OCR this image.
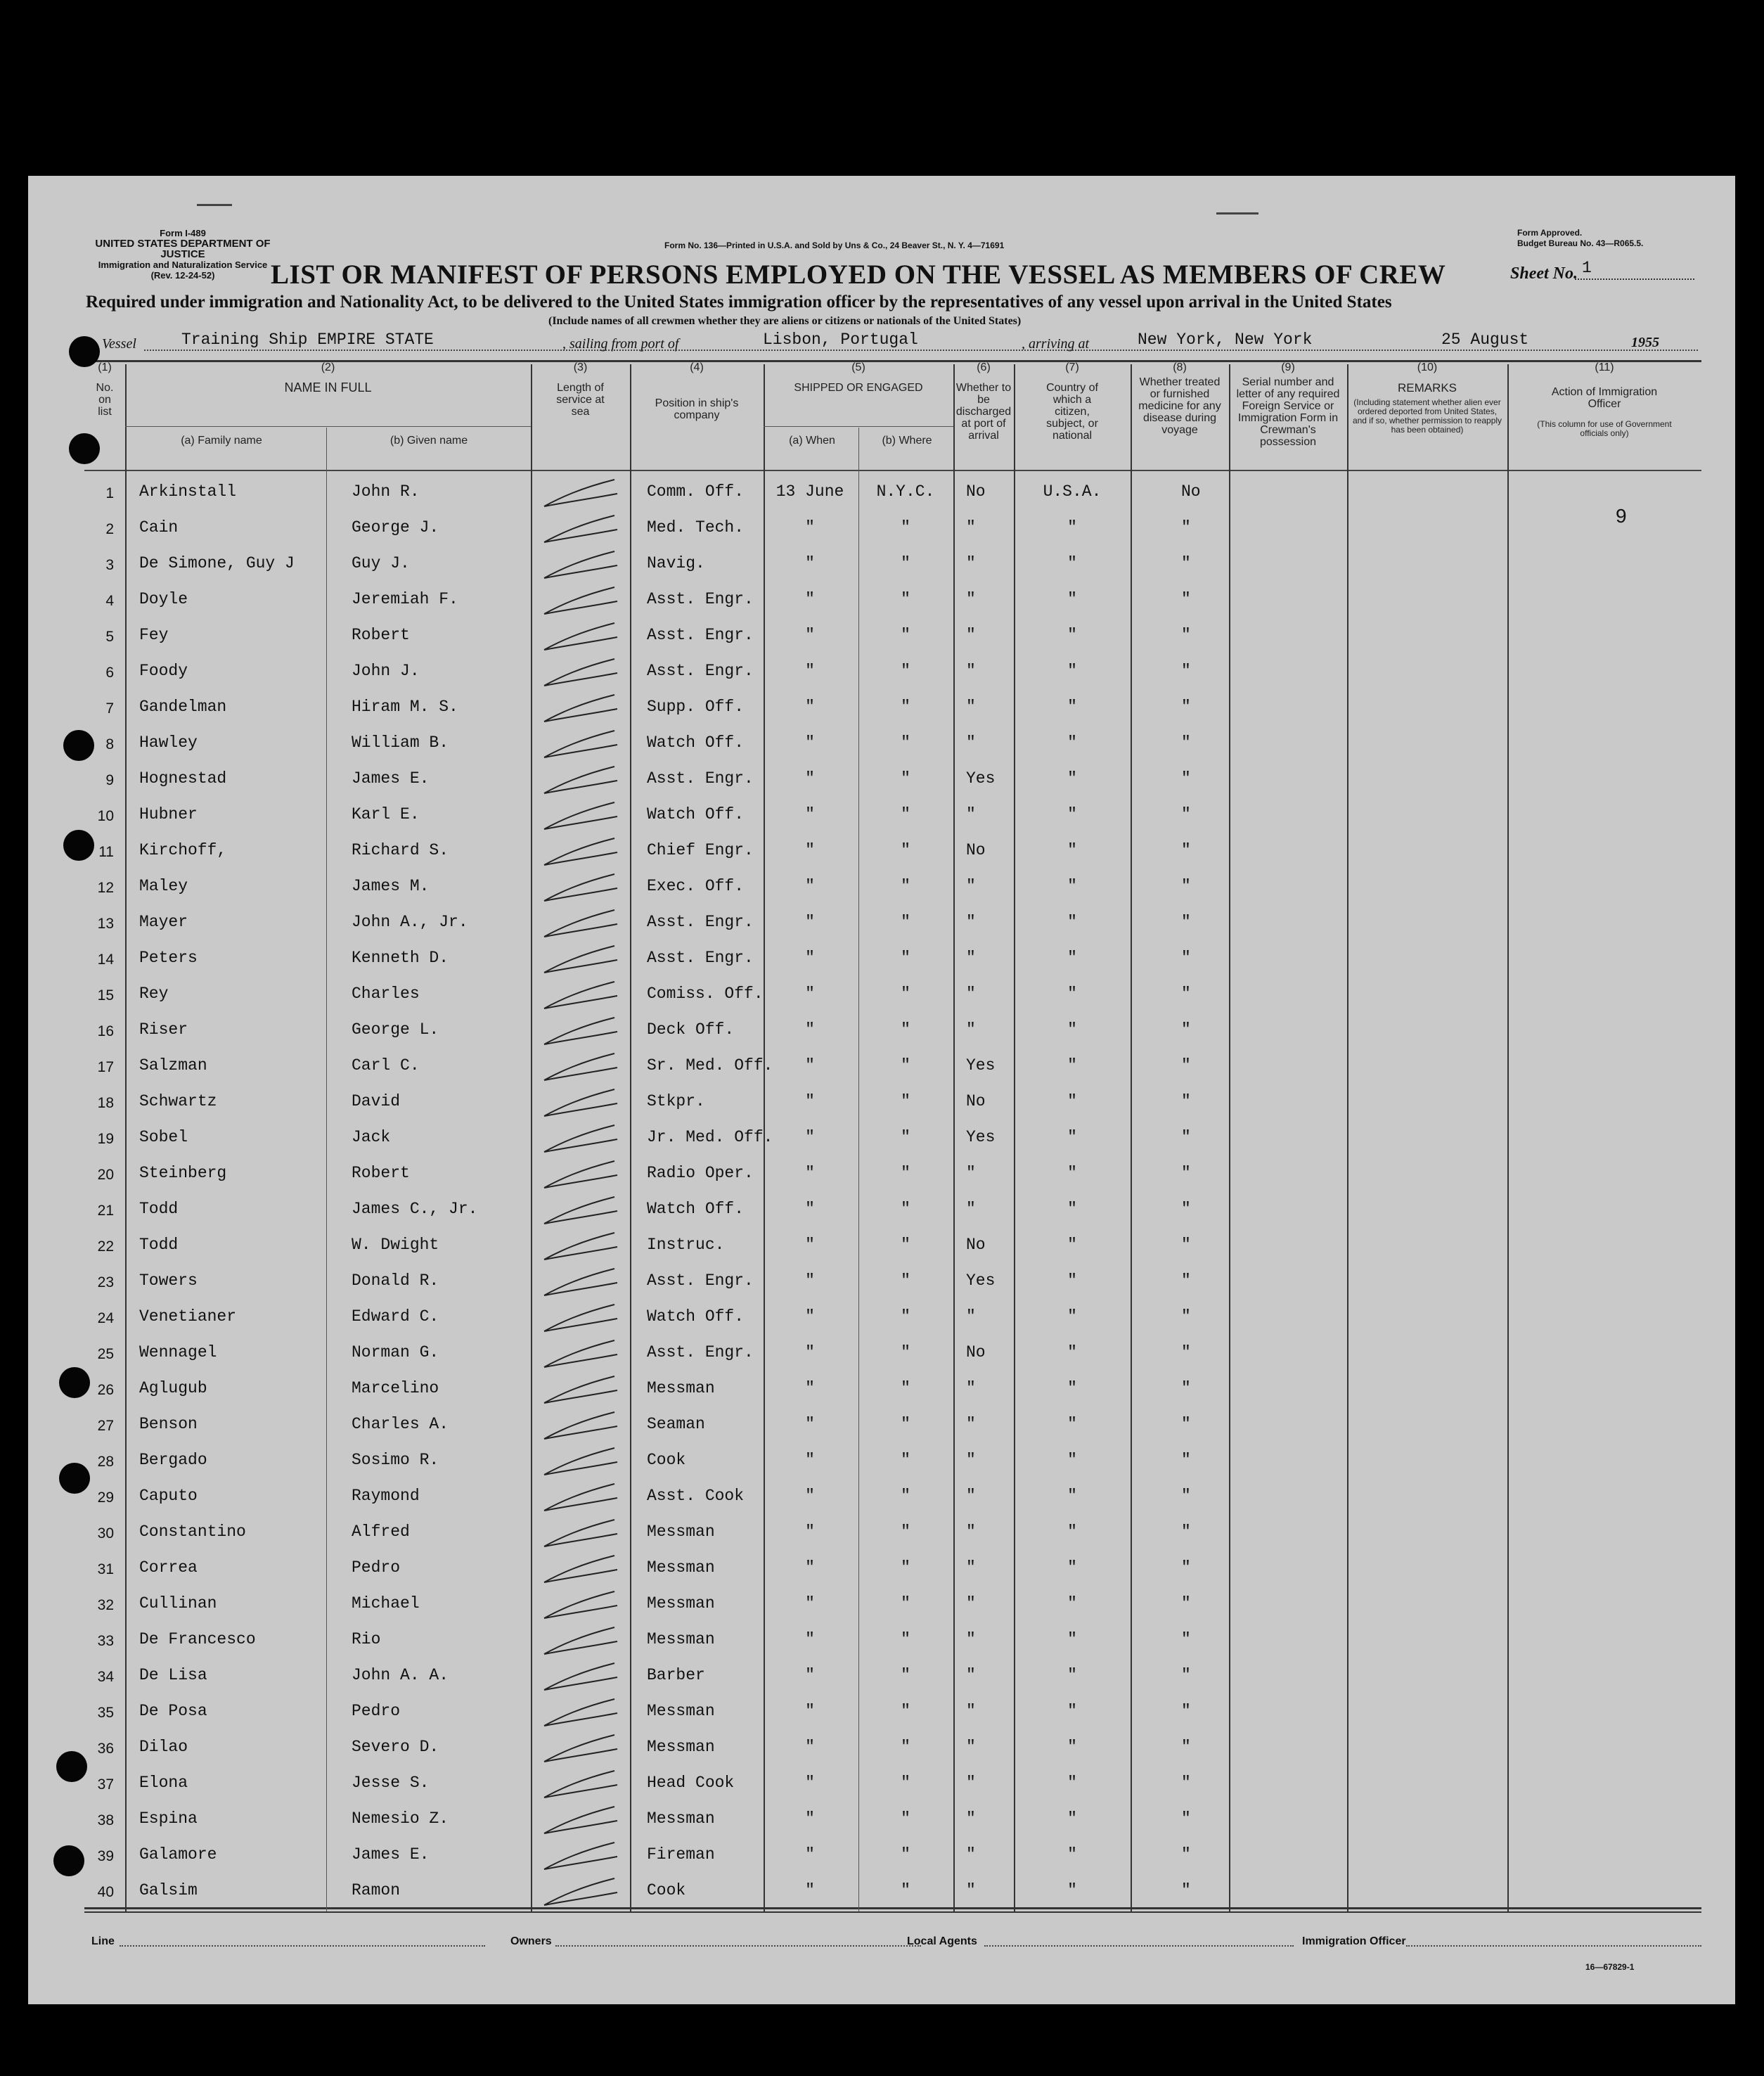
Form I-489
UNITED STATES DEPARTMENT OF JUSTICE
Immigration and Naturalization Service
(Rev. 12-24-52)
Form No. 136—Printed in U.S.A. and Sold by Uns & Co., 24 Beaver St., N. Y. 4—71691
Form Approved.
Budget Bureau No. 43—R065.5.
LIST OR MANIFEST OF PERSONS EMPLOYED ON THE VESSEL AS MEMBERS OF CREW	Sheet No. 1
Required under immigration and Nationality Act, to be delivered to the United States immigration officer by the representatives of any vessel upon arrival in the United States
(Include names of all crewmen whether they are aliens or citizens or nationals of the United States)
Vessel	Training Ship EMPIRE STATE	, sailing from port of	Lisbon, Portugal	, arriving at	New York, New York	25 August	1955
(1)
No. on list
(2)
NAME IN FULL
(a) Family name	(b) Given name
(3)
Length of service at sea
(4)
Position in ship's company
(5)
SHIPPED OR ENGAGED
(a) When	(b) Where
(6)
Whether to be discharged at port of arrival
(7)
Country of which a citizen, subject, or national
(8)
Whether treated or furnished medicine for any disease during voyage
(9)
Serial number and letter of any required Foreign Service or Immigration Form in Crewman's possession
(10)
REMARKS
(Including statement whether alien ever ordered deported from United States, and if so, whether permission to reapply has been obtained)
(11)
Action of Immigration Officer
(This column for use of Government officials only)
1 Arkinstall	John R.	Comm. Off.	13 June	N.Y.C.	No	U.S.A.	No
2 Cain	George J.	Med. Tech.	"	"	"	"	"
3 De Simone, Guy J	Guy J.	Navig.	"	"	"	"	"
4 Doyle	Jeremiah F.	Asst. Engr.	"	"	"	"	"
5 Fey	Robert	Asst. Engr.	"	"	"	"	"
6 Foody	John J.	Asst. Engr.	"	"	"	"	"
7 Gandelman	Hiram M. S.	Supp. Off.	"	"	"	"	"
8 Hawley	William B.	Watch Off.	"	"	"	"	"
9 Hognestad	James E.	Asst. Engr.	"	"	Yes	"	"
10 Hubner	Karl E.	Watch Off.	"	"	"	"	"
11 Kirchoff,	Richard S.	Chief Engr.	"	"	No	"	"
12 Maley	James M.	Exec. Off.	"	"	"	"	"
13 Mayer	John A., Jr.	Asst. Engr.	"	"	"	"	"
14 Peters	Kenneth D.	Asst. Engr.	"	"	"	"	"
15 Rey	Charles	Comiss. Off.	"	"	"	"	"
16 Riser	George L.	Deck Off.	"	"	"	"	"
17 Salzman	Carl C.	Sr. Med. Off.	"	"	Yes	"	"
18 Schwartz	David	Stkpr.	"	"	No	"	"
19 Sobel	Jack	Jr. Med. Off.	"	"	Yes	"	"
20 Steinberg	Robert	Radio Oper.	"	"	"	"	"
21 Todd	James C., Jr.	Watch Off.	"	"	"	"	"
22 Todd	W. Dwight	Instruc.	"	"	No	"	"
23 Towers	Donald R.	Asst. Engr.	"	"	Yes	"	"
24 Venetianer	Edward C.	Watch Off.	"	"	"	"	"
25 Wennagel	Norman G.	Asst. Engr.	"	"	No	"	"
26 Aglugub	Marcelino	Messman	"	"	"	"	"
27 Benson	Charles A.	Seaman	"	"	"	"	"
28 Bergado	Sosimo R.	Cook	"	"	"	"	"
29 Caputo	Raymond	Asst. Cook	"	"	"	"	"
30 Constantino	Alfred	Messman	"	"	"	"	"
31 Correa	Pedro	Messman	"	"	"	"	"
32 Cullinan	Michael	Messman	"	"	"	"	"
33 De Francesco	Rio	Messman	"	"	"	"	"
34 De Lisa	John A. A.	Barber	"	"	"	"	"
35 De Posa	Pedro	Messman	"	"	"	"	"
36 Dilao	Severo D.	Messman	"	"	"	"	"
37 Elona	Jesse S.	Head Cook	"	"	"	"	"
38 Espina	Nemesio Z.	Messman	"	"	"	"	"
39 Galamore	James E.	Fireman	"	"	"	"	"
40 Galsim	Ramon	Cook	"	"	"	"	"
9
Line	Owners	Local Agents	Immigration Officer
16—67829-1
